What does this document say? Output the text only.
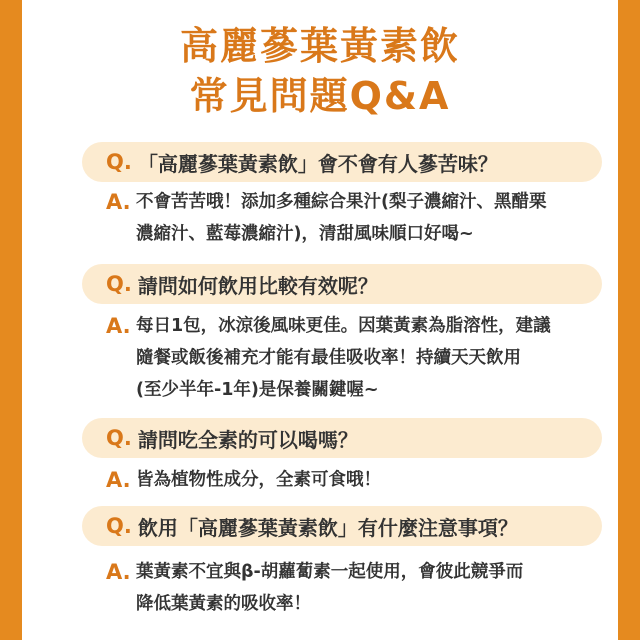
高麗蔘葉黃素飲
常見問題Q&A
Q. 「高麗蔘葉黃素飲」會不會有人蔘苦味？
A. 不會苦苦哦！添加多種綜合果汁(梨子濃縮汁、黑醋栗
濃縮汁、藍莓濃縮汁)，清甜風味順口好喝~
Q. 請問如何飲用比較有效呢？
A. 每日1包，冰涼後風味更佳。因葉黃素為脂溶性，建議
隨餐或飯後補充才能有最佳吸收率！持續天天飲用
(至少半年-1年)是保養關鍵喔~
Q. 請問吃全素的可以喝嗎？
A. 皆為植物性成分，全素可食哦！
Q. 飲用「高麗蔘葉黃素飲」有什麼注意事項？
A. 葉黃素不宜與β-胡蘿蔔素一起使用，會彼此競爭而
降低葉黃素的吸收率！
